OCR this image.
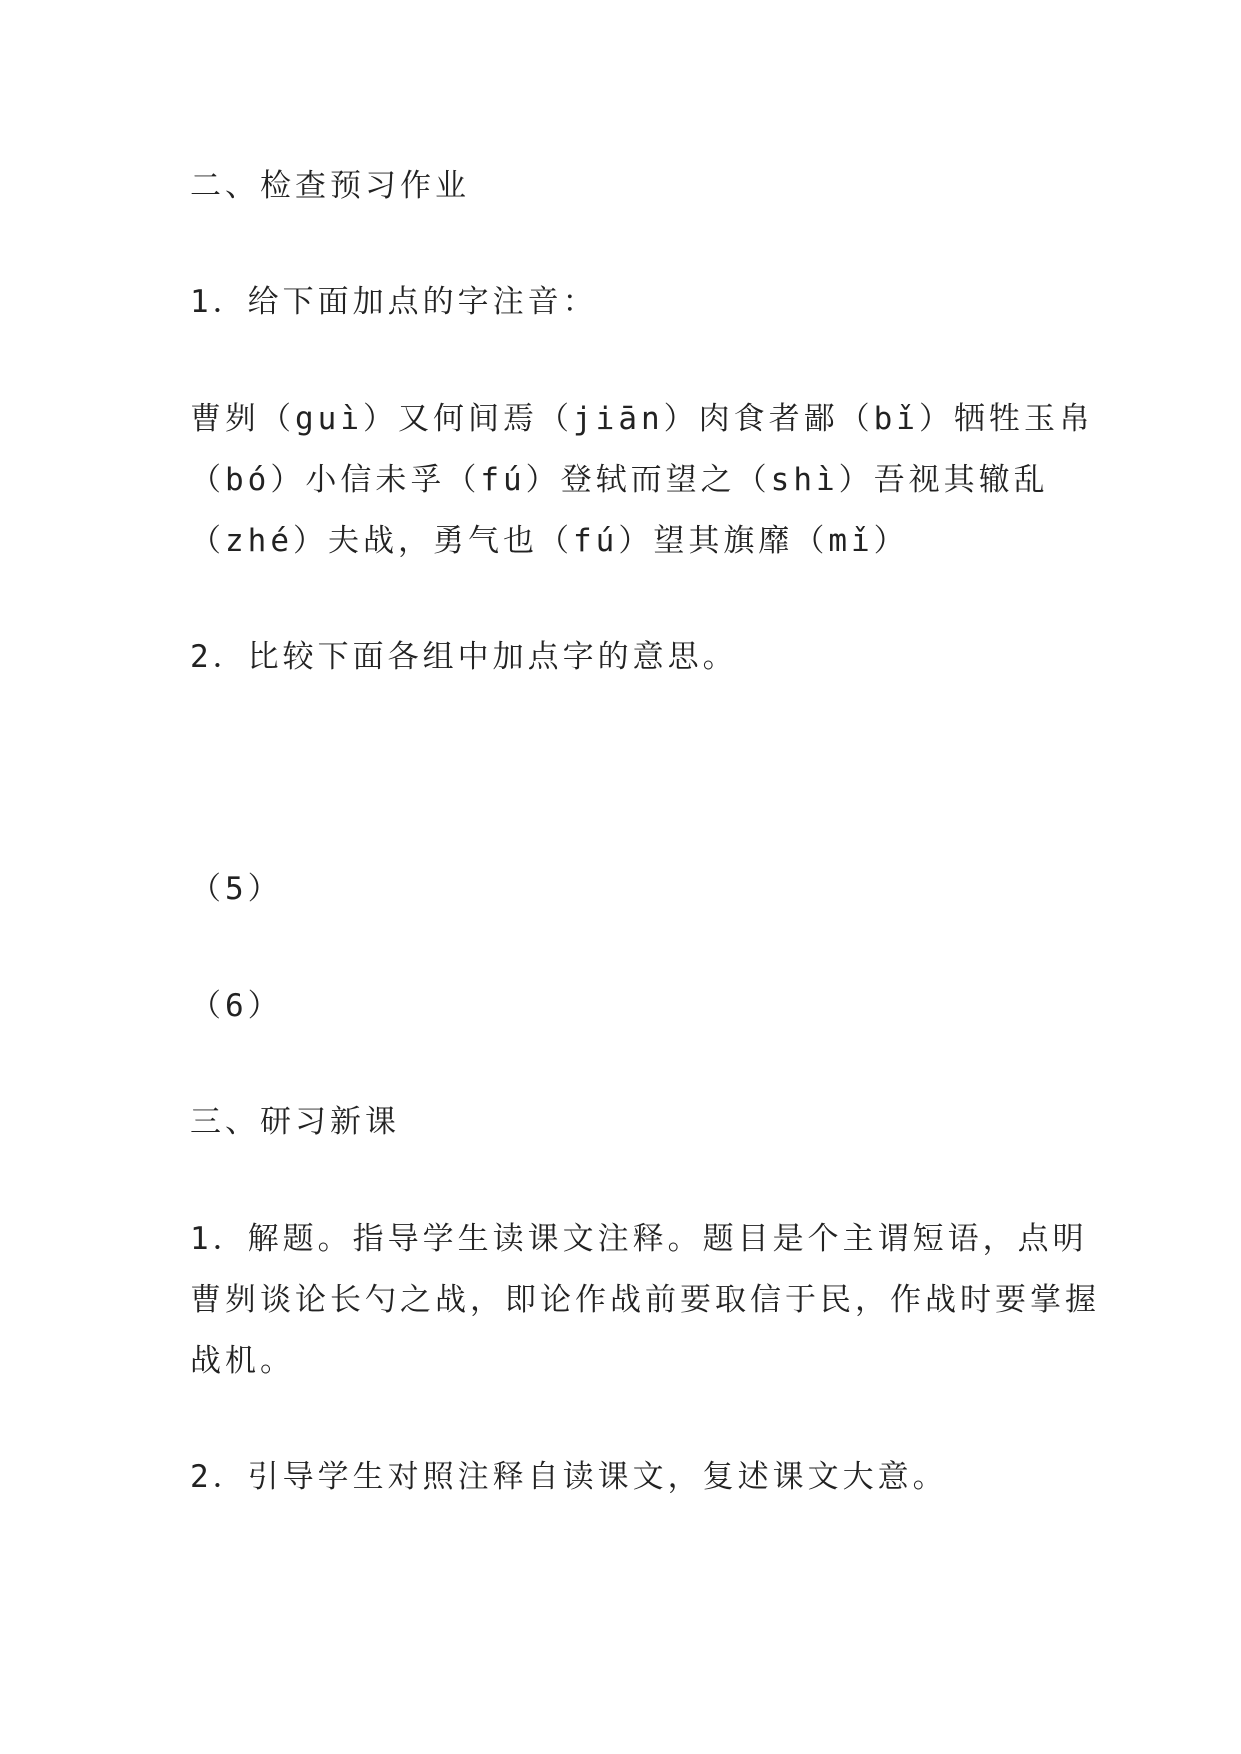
二、检查预习作业
1．给下面加点的字注音：
曹刿（guì）又何间焉（jiān）肉食者鄙（bǐ）牺牲玉帛
（bó）小信未孚（fú）登轼而望之（shì）吾视其辙乱
（zhé）夫战，勇气也（fú）望其旗靡（mǐ）
2．比较下面各组中加点字的意思。
（5）
（6）
三、研习新课
1．解题。指导学生读课文注释。题目是个主谓短语，点明
曹刿谈论长勺之战，即论作战前要取信于民，作战时要掌握
战机。
2．引导学生对照注释自读课文，复述课文大意。
